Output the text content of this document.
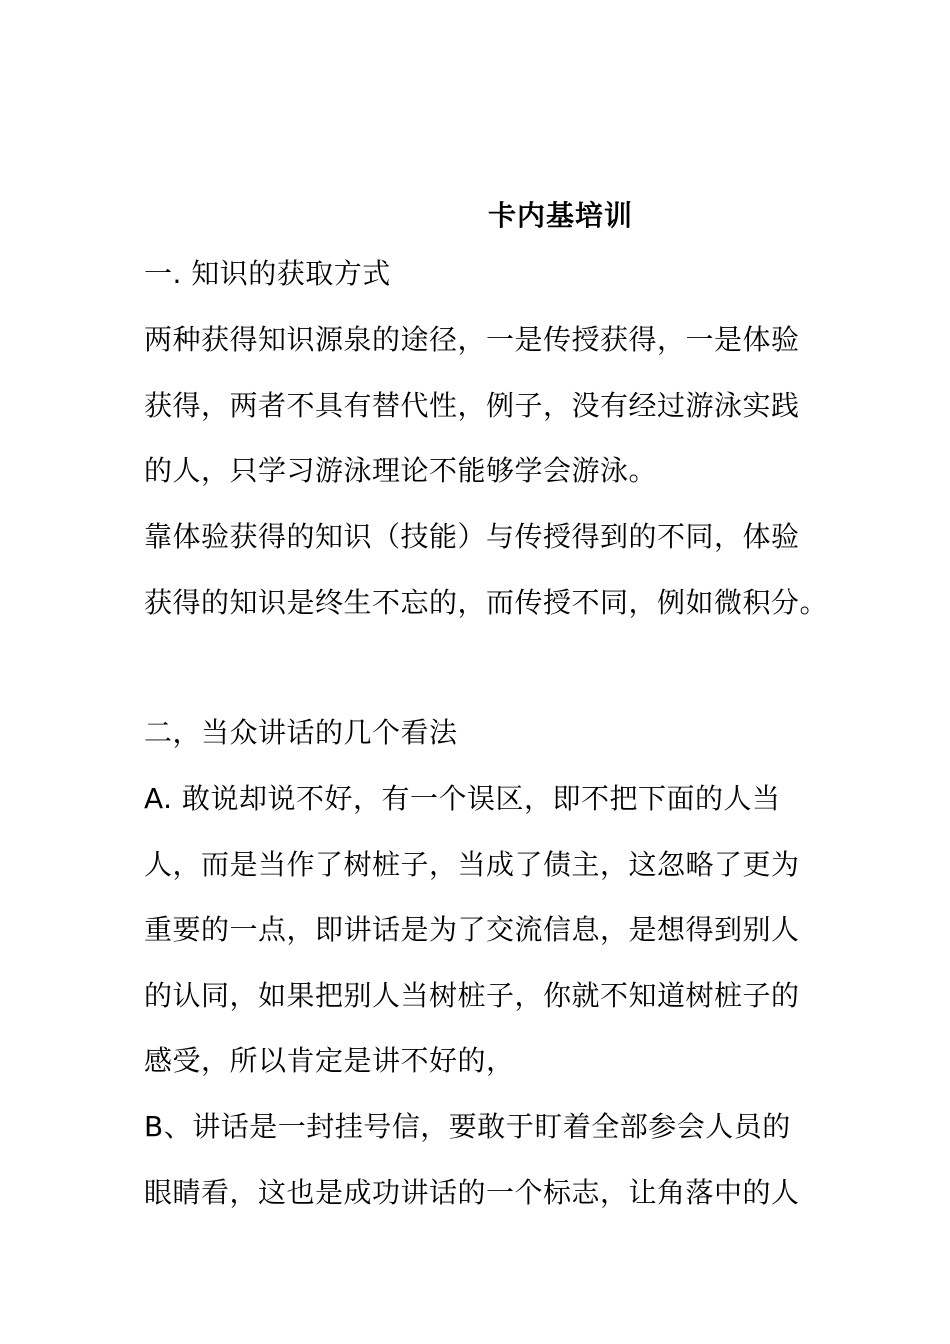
卡内基培训
一. 知识的获取方式
两种获得知识源泉的途径，一是传授获得，一是体验
获得，两者不具有替代性，例子，没有经过游泳实践
的人，只学习游泳理论不能够学会游泳。
靠体验获得的知识（技能）与传授得到的不同，体验
获得的知识是终生不忘的，而传授不同，例如微积分。
二，当众讲话的几个看法
A. 敢说却说不好，有一个误区，即不把下面的人当
人，而是当作了树桩子，当成了债主，这忽略了更为
重要的一点，即讲话是为了交流信息，是想得到别人
的认同，如果把别人当树桩子，你就不知道树桩子的
感受，所以肯定是讲不好的，
B、讲话是一封挂号信，要敢于盯着全部参会人员的
眼睛看，这也是成功讲话的一个标志，让角落中的人
